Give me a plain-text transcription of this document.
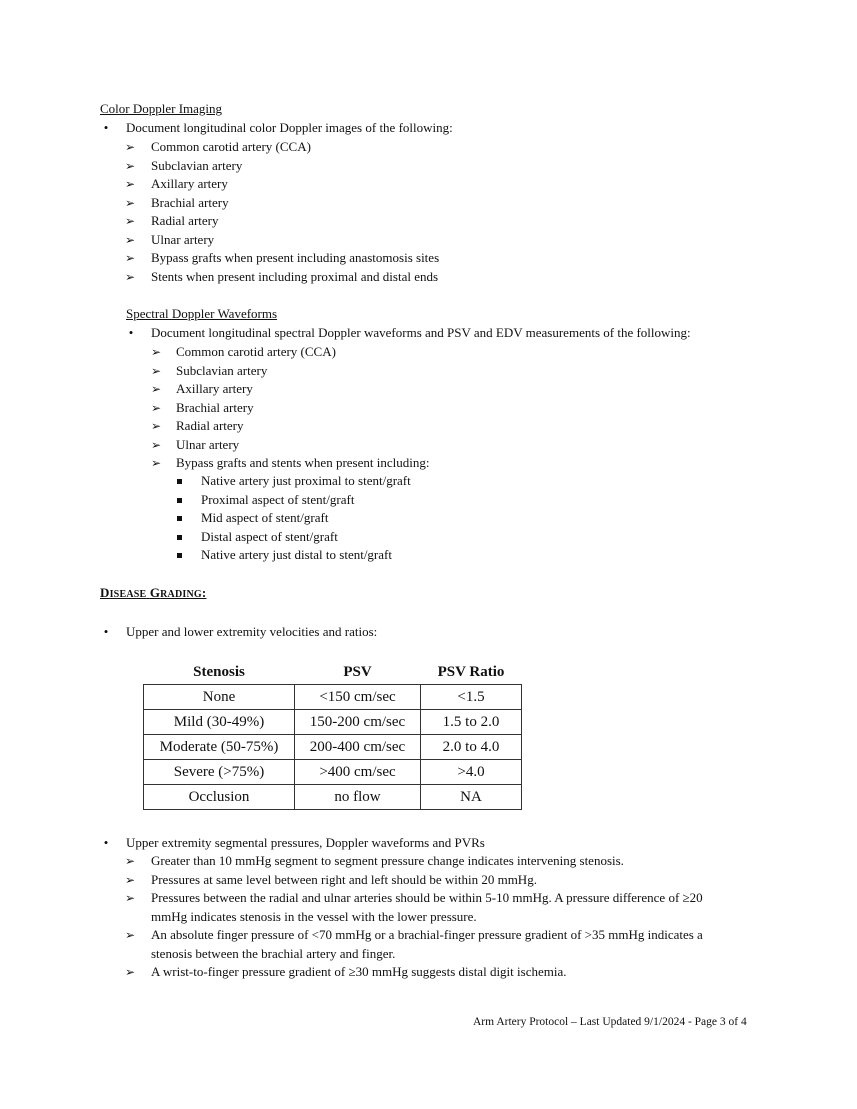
Color Doppler Imaging
• Document longitudinal color Doppler images of the following:
➢ Common carotid artery (CCA)
➢ Subclavian artery
➢ Axillary artery
➢ Brachial artery
➢ Radial artery
➢ Ulnar artery
➢ Bypass grafts when present including anastomosis sites
➢ Stents when present including proximal and distal ends
Spectral Doppler Waveforms
• Document longitudinal spectral Doppler waveforms and PSV and EDV measurements of the following:
➢ Common carotid artery (CCA)
➢ Subclavian artery
➢ Axillary artery
➢ Brachial artery
➢ Radial artery
➢ Ulnar artery
➢ Bypass grafts and stents when present including:
Native artery just proximal to stent/graft
Proximal aspect of stent/graft
Mid aspect of stent/graft
Distal aspect of stent/graft
Native artery just distal to stent/graft
DISEASE GRADING:
• Upper and lower extremity velocities and ratios:
Stenosis	PSV	PSV Ratio
None	<150 cm/sec	<1.5
Mild (30-49%)	150-200 cm/sec	1.5 to 2.0
Moderate (50-75%)	200-400 cm/sec	2.0 to 4.0
Severe (>75%)	>400 cm/sec	>4.0
Occlusion	no flow	NA
• Upper extremity segmental pressures, Doppler waveforms and PVRs
➢ Greater than 10 mmHg segment to segment pressure change indicates intervening stenosis.
➢ Pressures at same level between right and left should be within 20 mmHg.
➢ Pressures between the radial and ulnar arteries should be within 5-10 mmHg. A pressure difference of ≥20
mmHg indicates stenosis in the vessel with the lower pressure.
➢ An absolute finger pressure of <70 mmHg or a brachial-finger pressure gradient of >35 mmHg indicates a
stenosis between the brachial artery and finger.
➢ A wrist-to-finger pressure gradient of ≥30 mmHg suggests distal digit ischemia.
Arm Artery Protocol – Last Updated 9/1/2024 - Page 3 of 4
